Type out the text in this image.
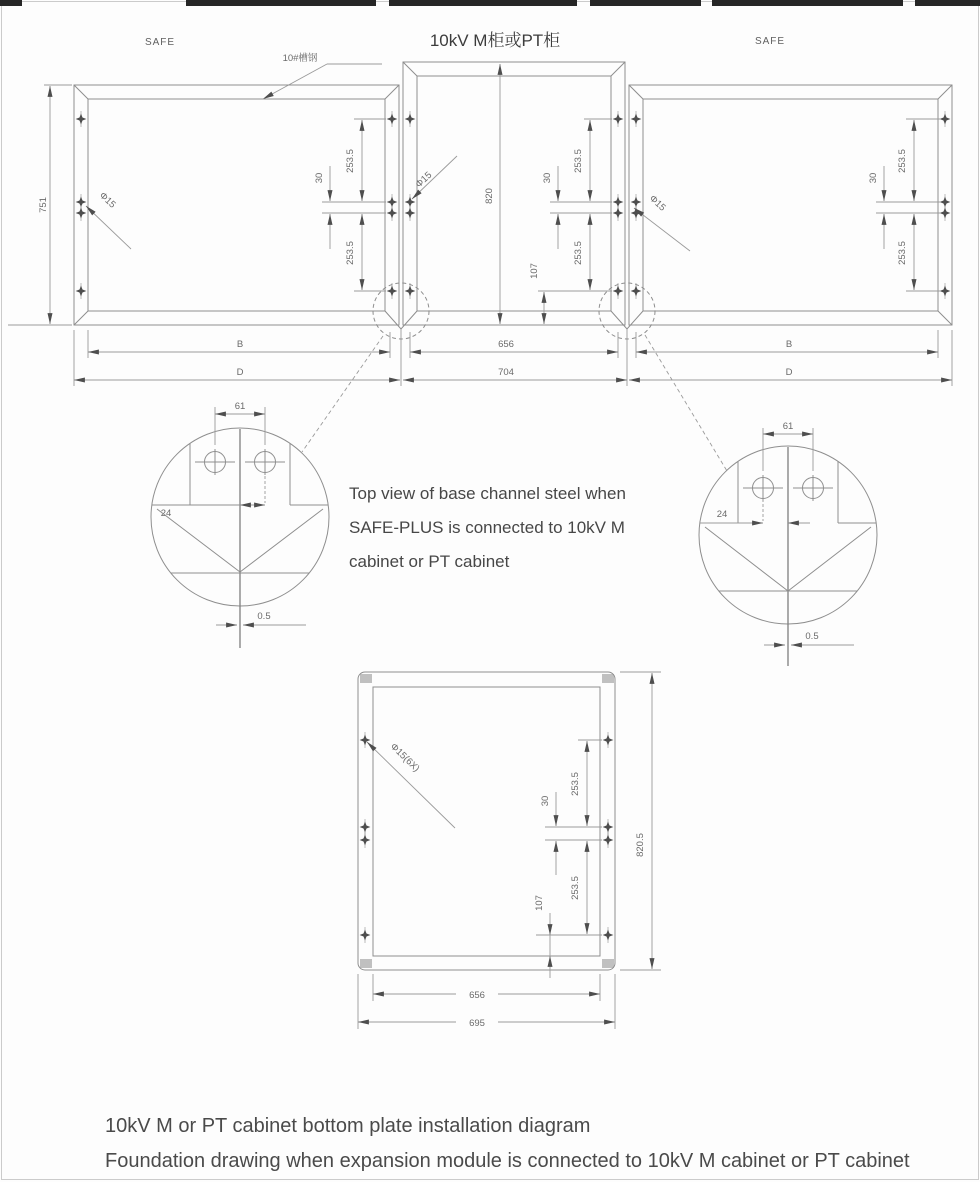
SAFE	10kV M柜或PT柜	SAFE
10#槽钢
751
820
253.5
253.5
30
Φ15
253.5
253.5
30
107
Φ15
253.5
253.5
30
Φ15
B
D
656
704
B
D
61
24
0.5
61
24
0.5
Top view of base channel steel when
SAFE-PLUS is connected to 10kV M
cabinet or PT cabinet
Φ15(6X)
253.5
30
253.5
107
820.5
656
695
10kV M or PT cabinet bottom plate installation diagram
Foundation drawing when expansion module is connected to 10kV M cabinet or PT cabinet
